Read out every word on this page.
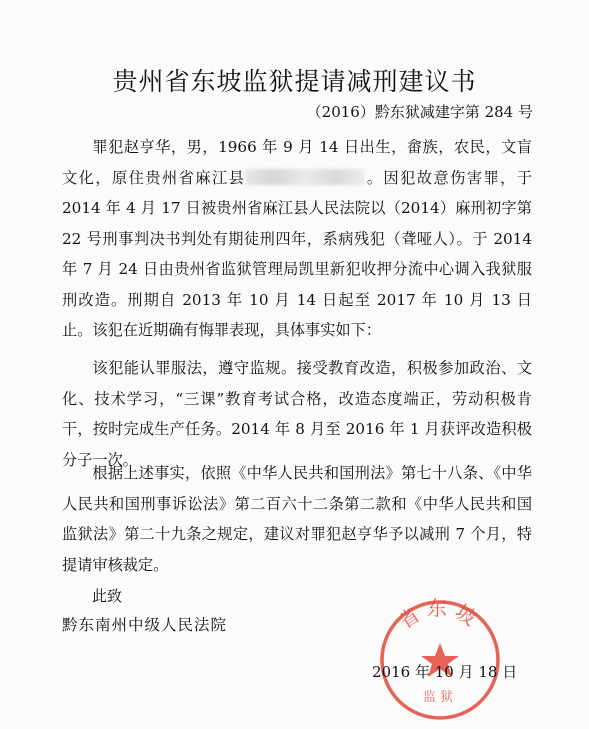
贵州省东坡监狱提请减刑建议书
（2016）黔东狱减建字第 284 号
罪犯赵亨华，男，1966 年 9 月 14 日出生，畲族，农民，文盲文化，原住贵州省麻江县	。因犯故意伤害罪，于 2014 年 4 月 17 日被贵州省麻江县人民法院以（2014）麻刑初字第 22 号刑事判决书判处有期徒刑四年，系病残犯（聋哑人）。于 2014 年 7 月 24 日由贵州省监狱管理局凯里新犯收押分流中心调入我狱服刑改造。刑期自 2013 年 10 月 14 日起至 2017 年 10 月 13 日止。该犯在近期确有悔罪表现，具体事实如下：
该犯能认罪服法，遵守监规。接受教育改造，积极参加政治、文化、技术学习，“三课”教育考试合格，改造态度端正，劳动积极肯干，按时完成生产任务。2014 年 8 月至 2016 年 1 月获评改造积极分子一次。
根据上述事实，依照《中华人民共和国刑法》第七十八条、《中华人民共和国刑事诉讼法》第二百六十二条第二款和《中华人民共和国监狱法》第二十九条之规定，建议对罪犯赵亨华予以减刑 7 个月，特提请审核裁定。
此致
黔东南州中级人民法院	省东坡
监狱
2016 年 10 月 18 日
